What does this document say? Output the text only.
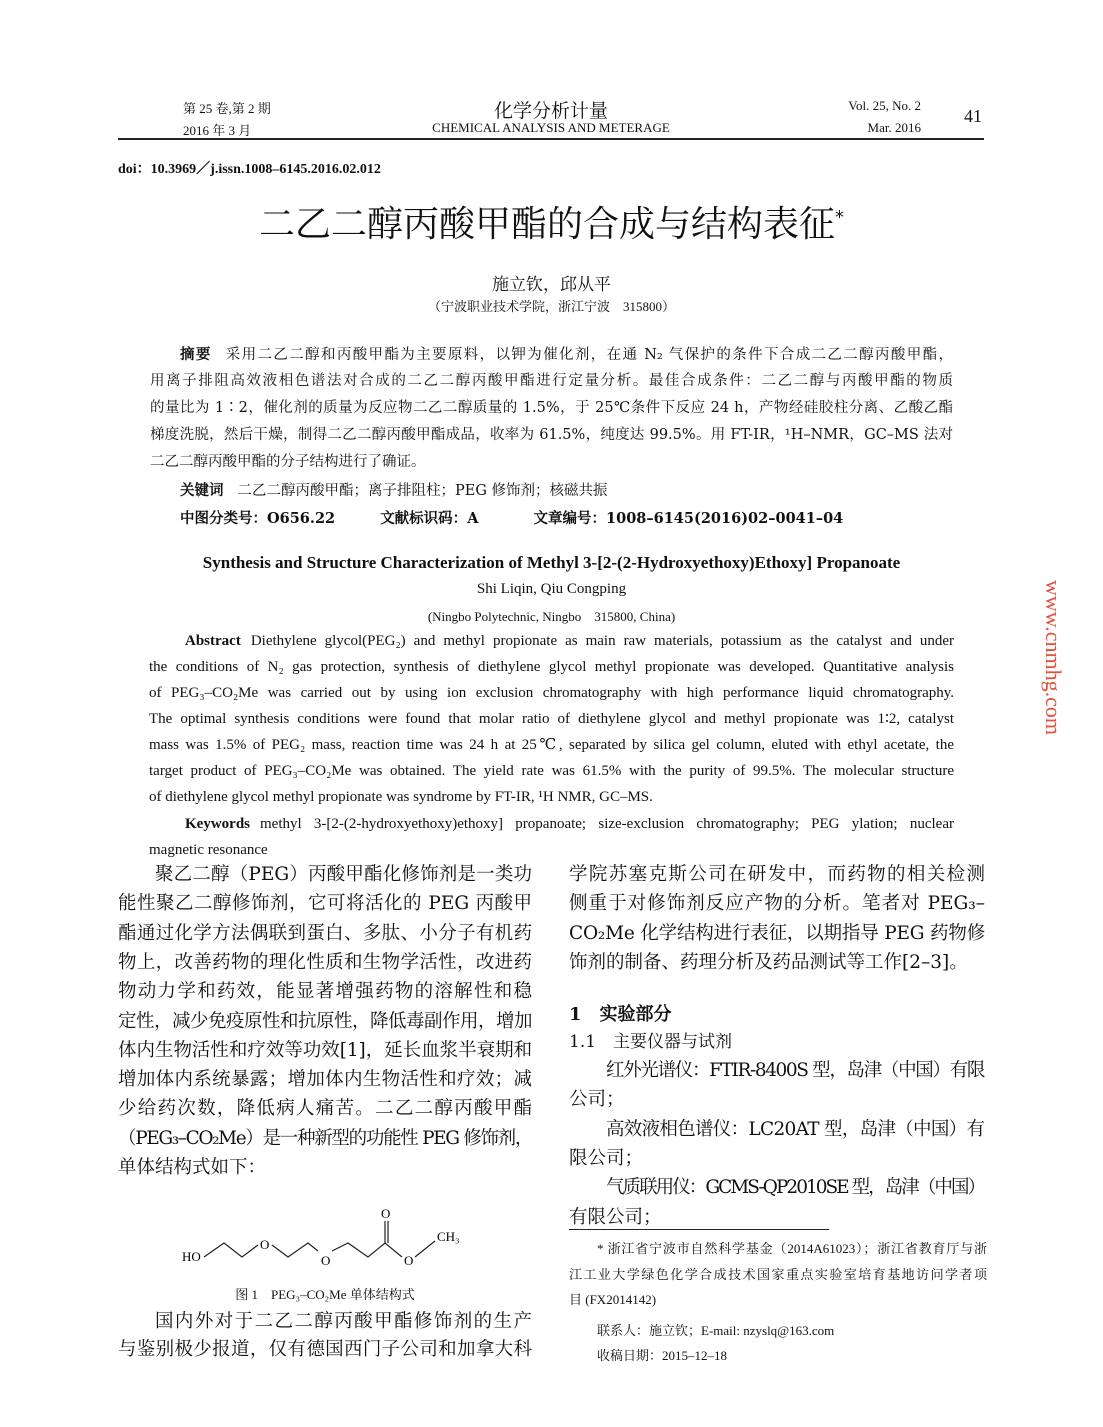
第 25 卷,第 2 期
2016 年 3 月
化学分析计量
CHEMICAL ANALYSIS AND METERAGE
Vol. 25, No. 2
Mar. 2016
41
doi：10.3969／j.issn.1008–6145.2016.02.012
二乙二醇丙酸甲酯的合成与结构表征*
施立钦，邱从平
（宁波职业技术学院，浙江宁波　315800）
摘要 采用二乙二醇和丙酸甲酯为主要原料，以钾为催化剂，在通 N₂ 气保护的条件下合成二乙二醇丙酸甲酯，
用离子排阻高效液相色谱法对合成的二乙二醇丙酸甲酯进行定量分析。最佳合成条件：二乙二醇与丙酸甲酯的物质
的量比为 1∶2，催化剂的质量为反应物二乙二醇质量的 1.5%，于 25℃条件下反应 24 h，产物经硅胶柱分离、乙酸乙酯
梯度洗脱，然后干燥，制得二乙二醇丙酸甲酯成品，收率为 61.5%，纯度达 99.5%。用 FT-IR，¹H–NMR，GC–MS 法对
二乙二醇丙酸甲酯的分子结构进行了确证。
关键词 二乙二醇丙酸甲酯；离子排阻柱；PEG 修饰剂；核磁共振
中图分类号：O656.22	文献标识码：A	文章编号：1008–6145(2016)02–0041–04
Synthesis and Structure Characterization of Methyl 3-[2-(2-Hydroxyethoxy)Ethoxy] Propanoate
Shi Liqin, Qiu Congping
(Ningbo Polytechnic, Ningbo　315800, China)
Abstract Diethylene glycol(PEG₂) and methyl propionate as main raw materials, potassium as the catalyst and under
the conditions of N₂ gas protection, synthesis of diethylene glycol methyl propionate was developed. Quantitative analysis
of PEG₃–CO₂Me was carried out by using ion exclusion chromatography with high performance liquid chromatography.
The optimal synthesis conditions were found that molar ratio of diethylene glycol and methyl propionate was 1∶2, catalyst
mass was 1.5% of PEG₂ mass, reaction time was 24 h at 25℃, separated by silica gel column, eluted with ethyl acetate, the
target product of PEG₃–CO₂Me was obtained. The yield rate was 61.5% with the purity of 99.5%. The molecular structure
of diethylene glycol methyl propionate was syndrome by FT-IR, ¹H NMR, GC–MS.
Keywords methyl 3-[2-(2-hydroxyethoxy)ethoxy] propanoate; size-exclusion chromatography; PEG ylation; nuclear
magnetic resonance
www.cnmhg.com
聚乙二醇（PEG）丙酸甲酯化修饰剂是一类功
能性聚乙二醇修饰剂，它可将活化的 PEG 丙酸甲
酯通过化学方法偶联到蛋白、多肽、小分子有机药
物上，改善药物的理化性质和生物学活性，改进药
物动力学和药效，能显著增强药物的溶解性和稳
定性，减少免疫原性和抗原性，降低毒副作用，增加
体内生物活性和疗效等功效[1]，延长血浆半衰期和
增加体内系统暴露；增加体内生物活性和疗效；减
少给药次数，降低病人痛苦。二乙二醇丙酸甲酯
（PEG₃–CO₂Me）是一种新型的功能性 PEG 修饰剂，
单体结构式如下：
HO
O
O
O
O
CH₃
图 1　PEG₃–CO₂Me 单体结构式
国内外对于二乙二醇丙酸甲酯修饰剂的生产
与鉴别极少报道，仅有德国西门子公司和加拿大科
学院苏塞克斯公司在研发中，而药物的相关检测
侧重于对修饰剂反应产物的分析。笔者对 PEG₃–
CO₂Me 化学结构进行表征，以期指导 PEG 药物修
饰剂的制备、药理分析及药品测试等工作[2–3]。
1　实验部分
1.1　主要仪器与试剂
红外光谱仪：FTIR-8400S 型，岛津（中国）有限
公司；
高效液相色谱仪：LC20AT 型，岛津（中国）有
限公司；
气质联用仪：GCMS-QP2010SE 型，岛津（中国）
有限公司；
* 浙江省宁波市自然科学基金（2014A61023）；浙江省教育厅与浙
江工业大学绿色化学合成技术国家重点实验室培育基地访问学者项
目 (FX2014142)
联系人：施立钦；E-mail: nzyslq@163.com
收稿日期：2015–12–18
